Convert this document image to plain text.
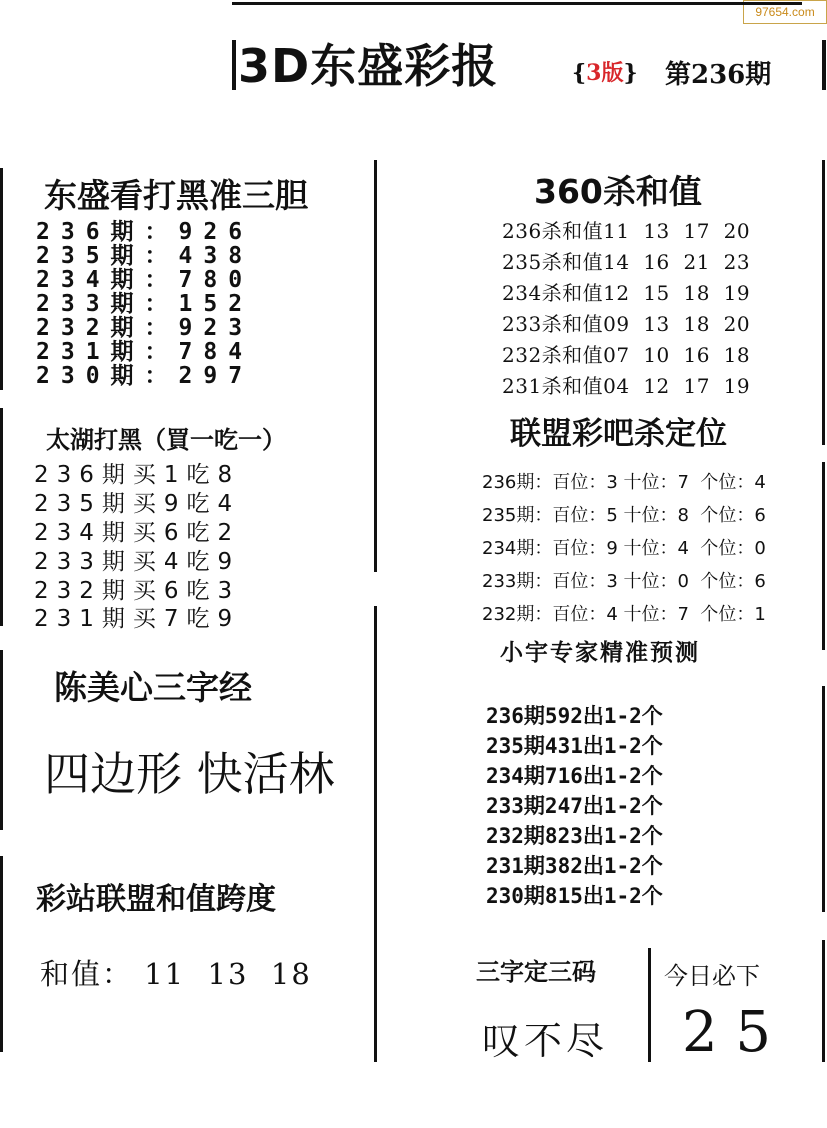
97654.com
3D东盛彩报	{3版} 第236期
东盛看打黑准三胆
236期：926
235期：438
234期：780
233期：152
232期：923
231期：784
230期：297
太湖打黑（買一吃一）
236期买1吃8
235期买9吃4
234期买6吃2
233期买4吃9
232期买6吃3
231期买7吃9
陈美心三字经
四边形 快活林
彩站联盟和值跨度
和值： 11  13  18
360杀和值
236杀和值11  13  17  20
235杀和值14  16  21  23
234杀和值12  15  18  19
233杀和值09  13  18  20
232杀和值07  10  16  18
231杀和值04  12  17  19
联盟彩吧杀定位
236期：百位：3 十位：7  个位：4
235期：百位：5 十位：8  个位：6
234期：百位：9 十位：4  个位：0
233期：百位：3 十位：0  个位：6
232期：百位：4 十位：7  个位：1
小宇专家精准预测
236期592出1-2个
235期431出1-2个
234期716出1-2个
233期247出1-2个
232期823出1-2个
231期382出1-2个
230期815出1-2个
三字定三码
叹不尽
今日必下
2 5
